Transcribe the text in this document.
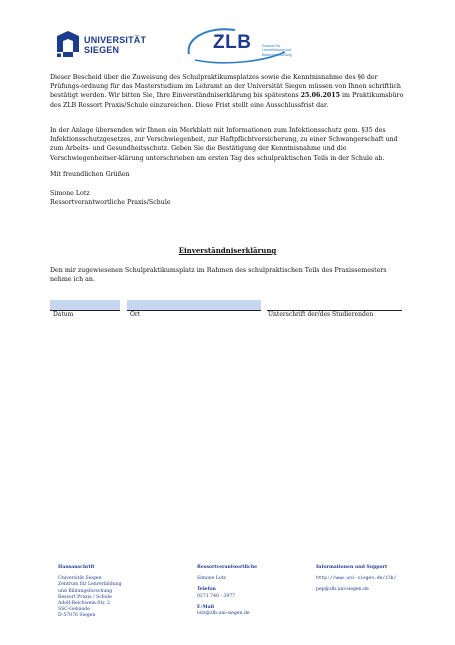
UNIVERSITÄT
SIEGEN	ZLB	Zentrum für
Lehrerbildung und
Bildungsforschung
Dieser Bescheid über die Zuweisung des Schulpraktikumsplatzes sowie die Kenntnisnahme des §6 der Prüfungs-ordnung für das Masterstudium im Lehramt an der Universität Siegen müssen von Ihnen schriftlich bestätigt werden. Wir bitten Sie, Ihre Einverständniserklärung bis spätestens 25.06.2015 im Praktikumsbüro des ZLB Ressort Praxis/Schule einzureichen. Diese Frist stellt eine Ausschlussfrist dar.
In der Anlage übersenden wir Ihnen ein Merkblatt mit Informationen zum Infektionsschutz gem. §35 des Infektionsschutzgesetzes, zur Verschwiegenheit, zur Haftpflichtversicherung, zu einer Schwangerschaft und zum Arbeits- und Gesundheitsschutz. Geben Sie die Bestätigung der Kenntnisnahme und die Verschwiegenheitser-klärung unterschrieben am ersten Tag des schulpraktischen Teils in der Schule ab.
Mit freundlichen Grüßen
Simone Lotz
Ressortverantwortliche Praxis/Schule
Einverständniserklärung
Den mir zugewiesenen Schulpraktikumsplatz im Rahmen des schulpraktischen Teils des Praxissemesters nehme ich an.
Datum	Ort	Unterschrift der/des Studierenden
Hausanschrift
Universität Siegen
Zentrum für Lehrerbildung
und Bildungsforschung
Ressort Praxis / Schule
Adolf-Reichwein-Str. 2
SSC-Gebäude
D-57076 Siegen
Ressortverantwortliche
Simone Lotz
Telefon
0271 740 - 3977
E-Mail
lotz@zlb.uni-siegen.de
Informationen und Support
http://www.uni-siegen.de/zlb/
pep@zlb.uni-siegen.de
